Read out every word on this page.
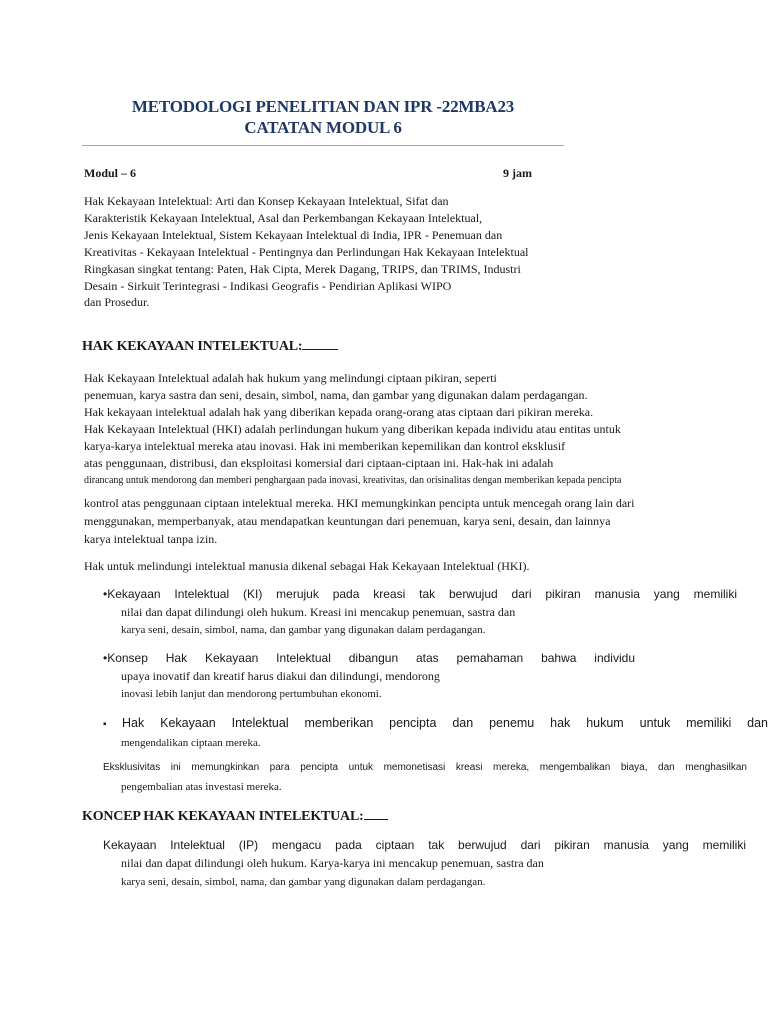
METODOLOGI PENELITIAN DAN IPR -22MBA23
CATATAN MODUL 6
Modul – 6	9 jam
Hak Kekayaan Intelektual: Arti dan Konsep Kekayaan Intelektual, Sifat dan
Karakteristik Kekayaan Intelektual, Asal dan Perkembangan Kekayaan Intelektual,
Jenis Kekayaan Intelektual, Sistem Kekayaan Intelektual di India, IPR - Penemuan dan
Kreativitas - Kekayaan Intelektual - Pentingnya dan Perlindungan Hak Kekayaan Intelektual
Ringkasan singkat tentang: Paten, Hak Cipta, Merek Dagang, TRIPS, dan TRIMS, Industri
Desain - Sirkuit Terintegrasi - Indikasi Geografis - Pendirian Aplikasi WIPO
dan Prosedur.
HAK KEKAYAAN INTELEKTUAL:
Hak Kekayaan Intelektual adalah hak hukum yang melindungi ciptaan pikiran, seperti
penemuan, karya sastra dan seni, desain, simbol, nama, dan gambar yang digunakan dalam perdagangan.
Hak kekayaan intelektual adalah hak yang diberikan kepada orang-orang atas ciptaan dari pikiran mereka.
Hak Kekayaan Intelektual (HKI) adalah perlindungan hukum yang diberikan kepada individu atau entitas untuk
karya-karya intelektual mereka atau inovasi. Hak ini memberikan kepemilikan dan kontrol eksklusif
atas penggunaan, distribusi, dan eksploitasi komersial dari ciptaan-ciptaan ini. Hak-hak ini adalah
dirancang untuk mendorong dan memberi penghargaan pada inovasi, kreativitas, dan orisinalitas dengan memberikan kepada pencipta
kontrol atas penggunaan ciptaan intelektual mereka. HKI memungkinkan pencipta untuk mencegah orang lain dari
menggunakan, memperbanyak, atau mendapatkan keuntungan dari penemuan, karya seni, desain, dan lainnya
karya intelektual tanpa izin.
Hak untuk melindungi intelektual manusia dikenal sebagai Hak Kekayaan Intelektual (HKI).
•Kekayaan Intelektual (KI) merujuk pada kreasi tak berwujud dari pikiran manusia yang memiliki
nilai dan dapat dilindungi oleh hukum. Kreasi ini mencakup penemuan, sastra dan
karya seni, desain, simbol, nama, dan gambar yang digunakan dalam perdagangan.
•Konsep Hak Kekayaan Intelektual dibangun atas pemahaman bahwa individu
upaya inovatif dan kreatif harus diakui dan dilindungi, mendorong
inovasi lebih lanjut dan mendorong pertumbuhan ekonomi.
▪ Hak Kekayaan Intelektual memberikan pencipta dan penemu hak hukum untuk memiliki dan
mengendalikan ciptaan mereka.
Eksklusivitas ini memungkinkan para pencipta untuk memonetisasi kreasi mereka, mengembalikan biaya, dan menghasilkan
pengembalian atas investasi mereka.
KONCEP HAK KEKAYAAN INTELEKTUAL:
Kekayaan Intelektual (IP) mengacu pada ciptaan tak berwujud dari pikiran manusia yang memiliki
nilai dan dapat dilindungi oleh hukum. Karya-karya ini mencakup penemuan, sastra dan
karya seni, desain, simbol, nama, dan gambar yang digunakan dalam perdagangan.
